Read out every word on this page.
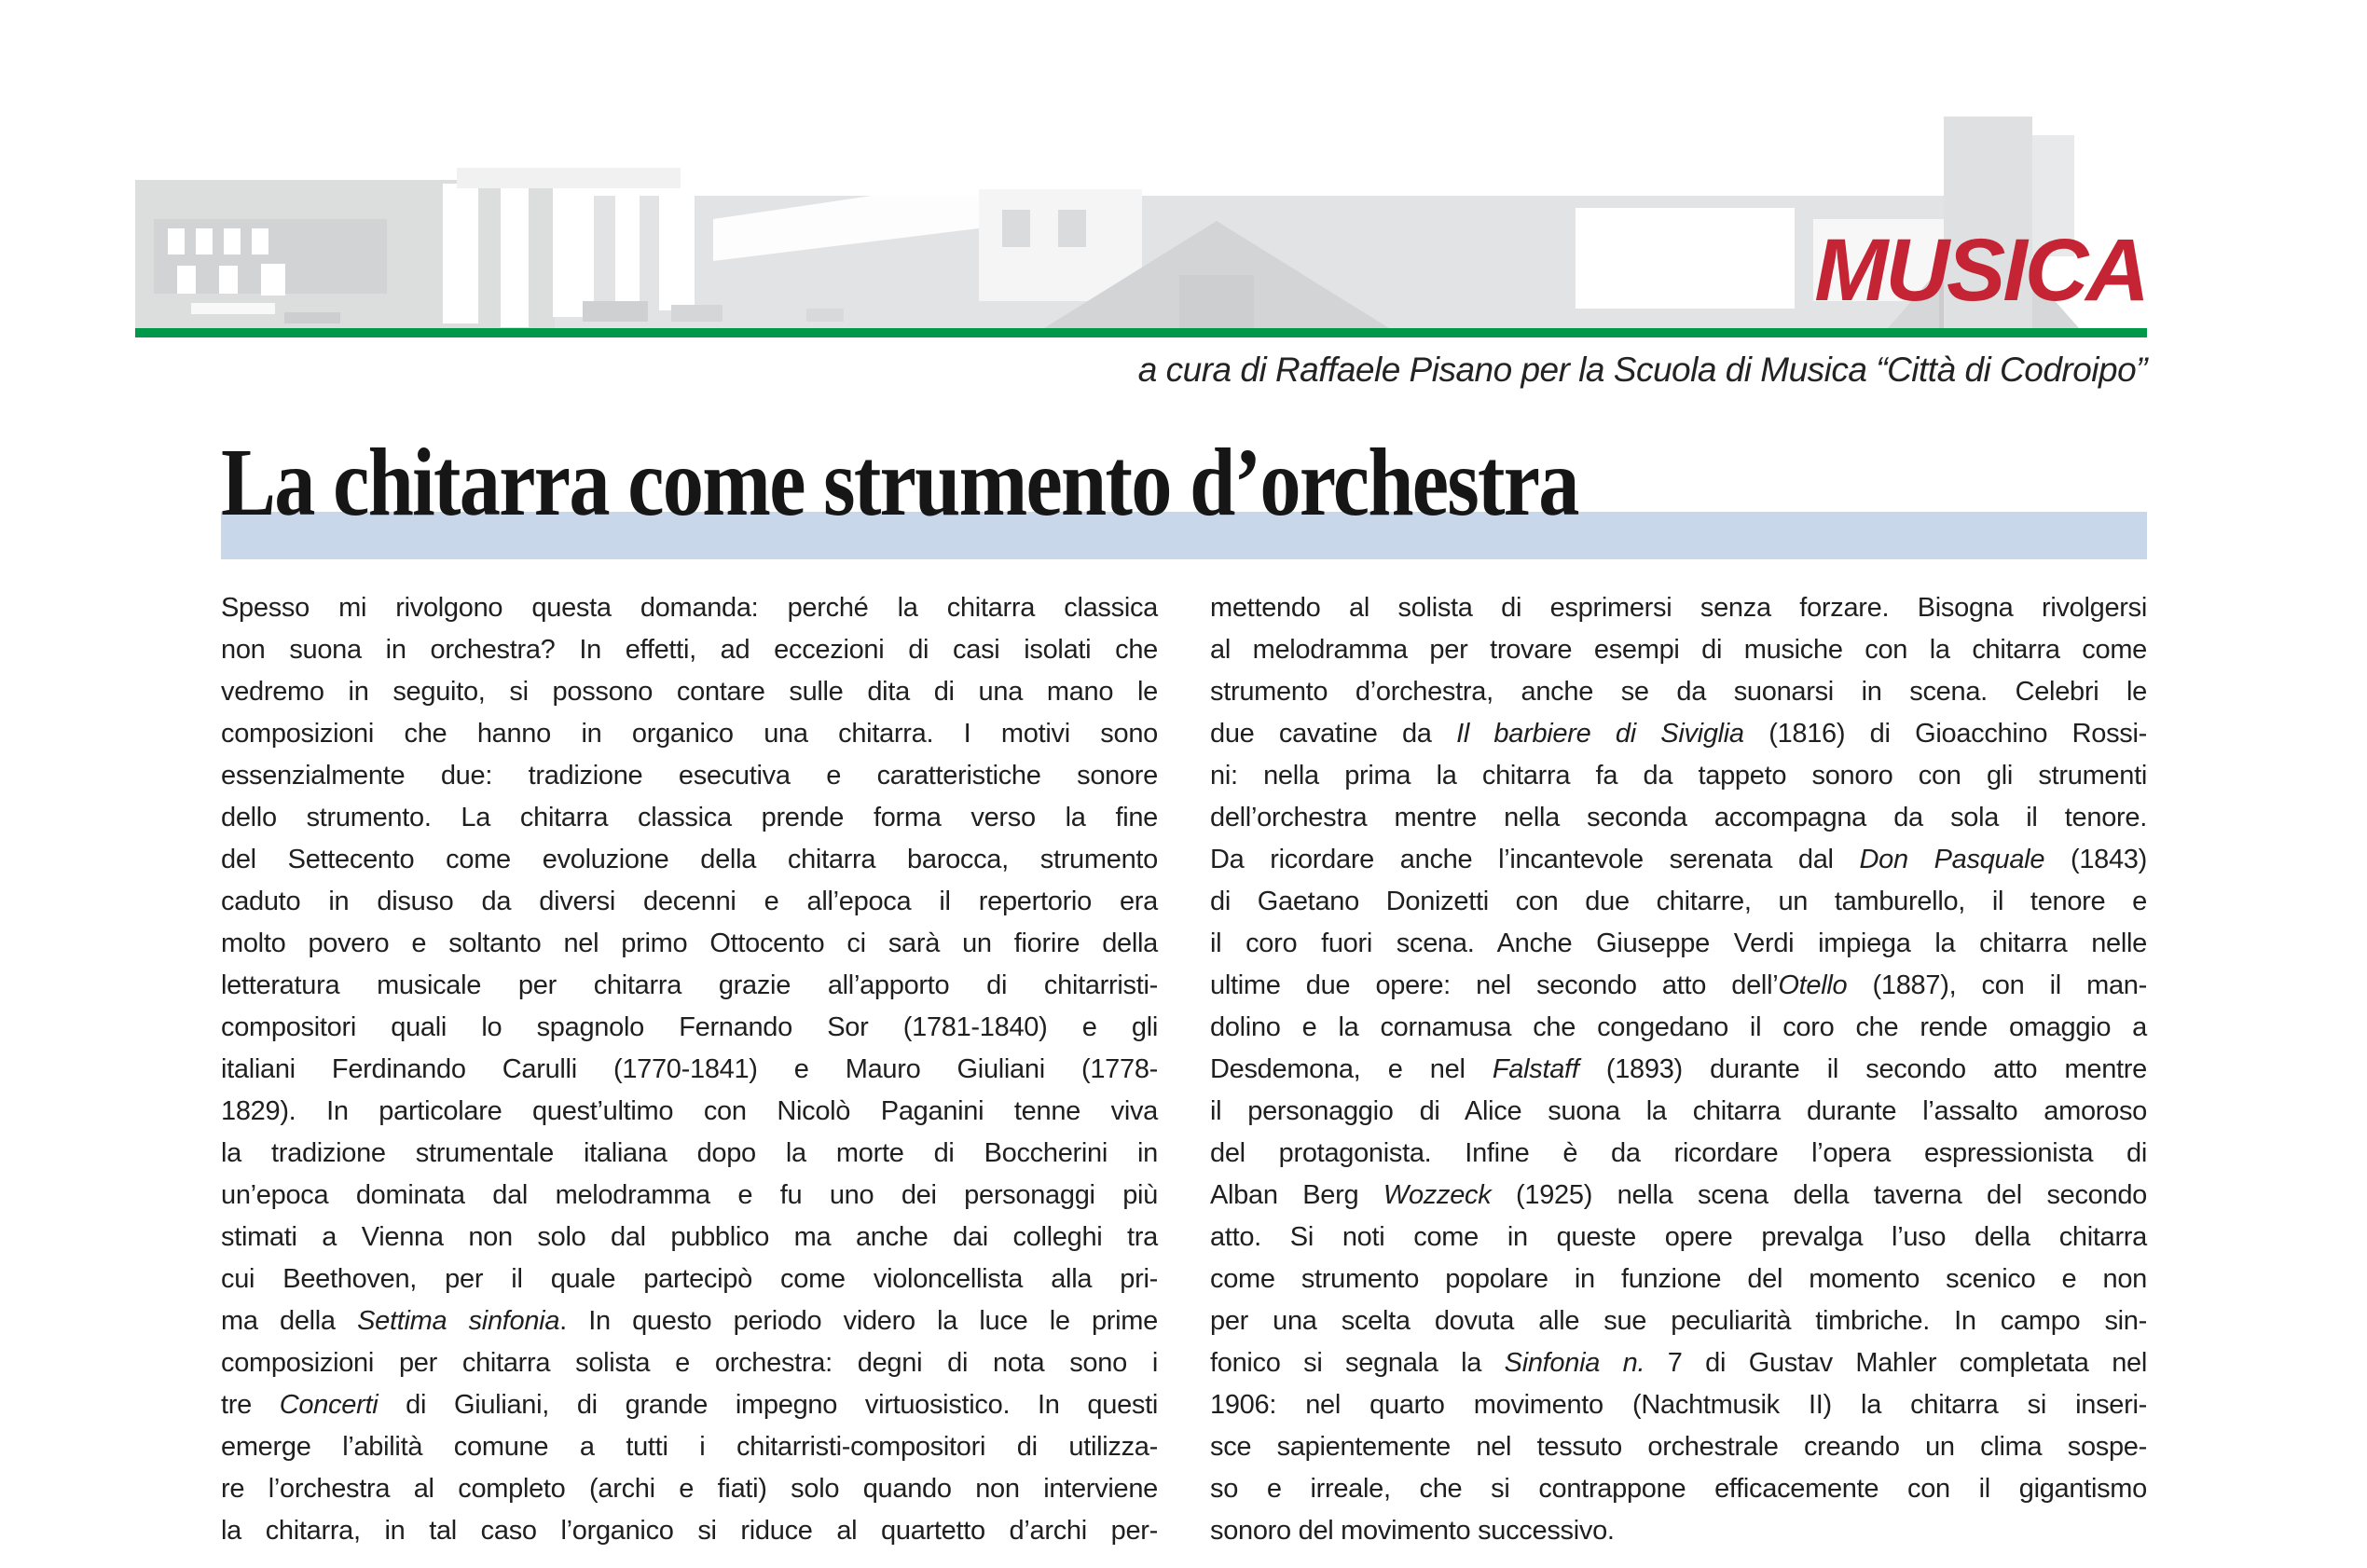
MUSICA
a cura di Raffaele Pisano per la Scuola di Musica “Città di Codroipo”
La chitarra come strumento d’orchestra
Spesso mi rivolgono questa domanda: perché la chitarra classica
non suona in orchestra? In effetti, ad eccezioni di casi isolati che
vedremo in seguito, si possono contare sulle dita di una mano le
composizioni che hanno in organico una chitarra. I motivi sono
essenzialmente due: tradizione esecutiva e caratteristiche sonore
dello strumento. La chitarra classica prende forma verso la fine
del Settecento come evoluzione della chitarra barocca, strumento
caduto in disuso da diversi decenni e all’epoca il repertorio era
molto povero e soltanto nel primo Ottocento ci sarà un fiorire della
letteratura musicale per chitarra grazie all’apporto di chitarristi-
compositori quali lo spagnolo Fernando Sor (1781-1840) e gli
italiani Ferdinando Carulli (1770-1841) e Mauro Giuliani (1778-
1829). In particolare quest’ultimo con Nicolò Paganini tenne viva
la tradizione strumentale italiana dopo la morte di Boccherini in
un’epoca dominata dal melodramma e fu uno dei personaggi più
stimati a Vienna non solo dal pubblico ma anche dai colleghi tra
cui Beethoven, per il quale partecipò come violoncellista alla pri-
ma della Settima sinfonia. In questo periodo videro la luce le prime
composizioni per chitarra solista e orchestra: degni di nota sono i
tre Concerti di Giuliani, di grande impegno virtuosistico. In questi
emerge l’abilità comune a tutti i chitarristi-compositori di utilizza-
re l’orchestra al completo (archi e fiati) solo quando non interviene
la chitarra, in tal caso l’organico si riduce al quartetto d’archi per-
mettendo al solista di esprimersi senza forzare. Bisogna rivolgersi
al melodramma per trovare esempi di musiche con la chitarra come
strumento d’orchestra, anche se da suonarsi in scena. Celebri le
due cavatine da Il barbiere di Siviglia (1816) di Gioacchino Rossi-
ni: nella prima la chitarra fa da tappeto sonoro con gli strumenti
dell’orchestra mentre nella seconda accompagna da sola il tenore.
Da ricordare anche l’incantevole serenata dal Don Pasquale (1843)
di Gaetano Donizetti con due chitarre, un tamburello, il tenore e
il coro fuori scena. Anche Giuseppe Verdi impiega la chitarra nelle
ultime due opere: nel secondo atto dell’Otello (1887), con il man-
dolino e la cornamusa che congedano il coro che rende omaggio a
Desdemona, e nel Falstaff (1893) durante il secondo atto mentre
il personaggio di Alice suona la chitarra durante l’assalto amoroso
del protagonista. Infine è da ricordare l’opera espressionista di
Alban Berg Wozzeck (1925) nella scena della taverna del secondo
atto. Si noti come in queste opere prevalga l’uso della chitarra
come strumento popolare in funzione del momento scenico e non
per una scelta dovuta alle sue peculiarità timbriche. In campo sin-
fonico si segnala la Sinfonia n. 7 di Gustav Mahler completata nel
1906: nel quarto movimento (Nachtmusik II) la chitarra si inseri-
sce sapientemente nel tessuto orchestrale creando un clima sospe-
so e irreale, che si contrappone efficacemente con il gigantismo
sonoro del movimento successivo.
